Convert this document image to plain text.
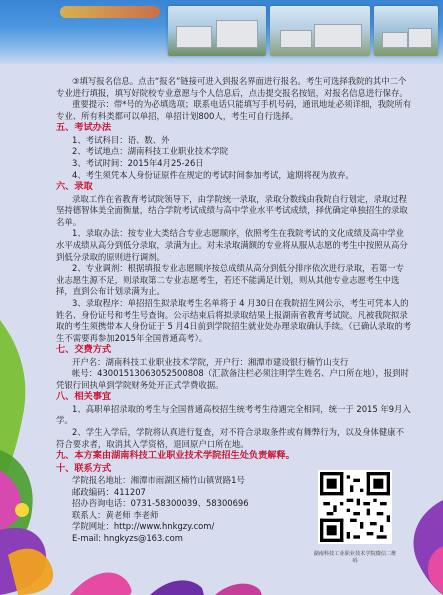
③填写报名信息。点击“报名”链接可进入到报名界面进行报名。考生可选择我院的其中二个专业进行填报，填写好院校专业意愿与个人信息后，点击提交报名按钮，对报名信息进行保存。

重要提示：带*号的为必填选项；联系电话只能填写手机号码，通讯地址必须详细，我院所有专业、所有科类都可以单招，单招计划800人，考生可自行选择。

五、考试办法

1、考试科目：语、数、外

2、考试地点：湖南科技工业职业技术学院

3、考试时间：2015年4月25-26日

4、考生须凭本人身份证原件在规定的考试时间参加考试，逾期将视为放弃。

六、录取

录取工作在省教育考试院领导下，由学院统一录取，录取分数线由我院自行划定，录取过程坚持德智体美全面衡量，结合学院考试成绩与高中学业水平考试成绩，择优确定单独招生的录取名单。

1、录取办法：按专业大类结合专业志愿顺序，依照考生在我院考试的文化成绩及高中学业水平成绩从高分到低分录取，录满为止。对未录取满额的专业将从服从志愿的考生中按照从高分到低分录取的原则进行调剂。

2、专业调剂：根据填报专业志愿顺序按总成绩从高分到低分排序依次进行录取，若第一专业志愿生源不足，则录取第二专业志愿考生，若还不能满足计划，则从其他专业志愿考生中选择，直到公布计划录满为止。

3、录取程序：单招招生拟录取考生名单将于 4 月30日在我院招生网公示，考生可凭本人的姓名、身份证号和考生号查询。公示结束后将拟录取结果上报湖南省教育考试院。凡被我院拟录取的考生须携带本人身份证于 5 月4日前到学院招生就业处办理录取确认手续。（已确认录取的考生不需要再参加2015年全国普通高考）。

七、交费方式

开户名：湖南科技工业职业技术学院，开户行：湘潭市建设银行楠竹山支行

帐号：43001513063052500808（汇款备注栏必须注明学生姓名、户口所在地），报到时凭银行回执单到学院财务处开正式学费收据。

八、相关事宜

1、高职单招录取的考生与全国普通高校招生统考考生待遇完全相同，统一于 2015 年9月入学。

2、学生入学后，学院将认真进行复查，对不符合录取条件或有舞弊行为，以及身体健康不符合要求者，取消其入学资格，退回原户口所在地。

九、本方案由湖南科技工业职业技术学院招生处负责解释。

十、联系方式

学院报名地址：湘潭市雨湖区楠竹山镇贤路1号

邮政编码：411207

招办咨询电话：0731-58300039、58300696

联系人：黄老师 李老师

学院网址：http://www.hnkgzy.com/

E-mail: hngkyzs@163.com

湖南科技工业职业技术学院微信二维码
